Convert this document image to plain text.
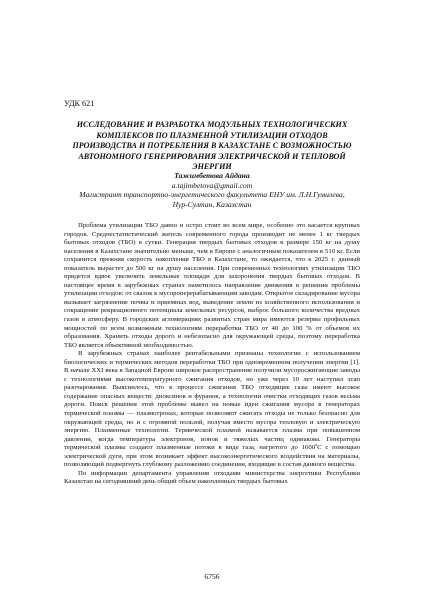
УДК 621
ИССЛЕДОВАНИЕ И РАЗРАБОТКА МОДУЛЬНЫХ ТЕХНОЛОГИЧЕСКИХ КОМПЛЕКСОВ ПО ПЛАЗМЕННОЙ УТИЛИЗАЦИИ ОТХОДОВ ПРОИЗВОДСТВА И ПОТРЕБЛЕНИЯ В КАЗАХСТАНЕ С ВОЗМОЖНОСТЬЮ АВТОНОМНОГО ГЕНЕРИРОВАНИЯ ЭЛЕКТРИЧЕСКОЙ И ТЕПЛОВОЙ ЭНЕРГИИ
Тажимбетова Айдана
a.tajimbetova@gmail.com
Магистрант транспортно-энергетического факультета ЕНУ им. Л.Н.Гумилева,
Нур-Султан, Казахстан

Проблема утилизации ТБО давно и остро стоит во всем мире, особенно это касается крупных городов. Среднестатистический житель современного города производит не менее 1 кг твердых бытовых отходов (ТБО) в сутки. Генерация твердых бытовых отходов в размере 150 кг на душу населения в Казахстане значительно меньше, чем в Европе с аналогичным показателем в 510 кг. Если сохранится прежняя скорость накопления ТБО в Казахстане, то ожидается, что к 2025 г. данный показатель вырастет до 500 кг на душу населения. При современных технологиях утилизации ТБО придется вдвое увеличить земельные площади для захоронения твердых бытовых отходов. В настоящее время в зарубежных странах наметилось направление движения в решении проблемы утилизации отходов: от свалок к мусороперерабатывающим заводам. Открытое складирование мусора вызывает загрязнение почвы и приемных вод, выведение земли из хозяйственного использования и сокращение рекреационного потенциала земельных ресурсов, выброс большого количества вредных газов в атмосферу. В городских агломерациях развитых стран мира имеются резервы профильных мощностей по всем возможным технологиям переработки ТБО от 40 до 100 % от объемов их образования. Хранить отходы дорого и небезопасно для окружающей среды, поэтому переработка ТБО является объективной необходимостью.

В зарубежных странах наиболее рентабельными признаны технологии с использованием биологических и термических методов переработки ТБО при одновременном получении энергии [1]. В начале XXI века в Западной Европе широкое распространение получили мусоросжигающие заводы с технологиями высокотемпературного сжигания отходов, но уже через 10 лет наступил этап разочарования. Выяснилось, что в процессе сжигания ТБО отходящие газы имеют высокое содержание опасных веществ: диоксинов и фуранов, а технологии очистки отходящих газов весьма дороги. Поиск решения этой проблемы вывел на новые идеи сжигания мусора в генераторах термической плазмы — плазмотронах, которые позволяют сжигать отходы не только безопасно для окружающей среды, но и с огромной пользой, получая вместо мусора тепловую и электрическую энергию. Плазменные технологии. Термической плазмой называется плазма при повышенном давлении, когда температура электронов, ионов и тяжелых частиц одинакова. Генераторы термической плазмы создают плазменные потоки в виде газа, нагретого до 1600ºС с помощью электрической дуги, при этом возникает эффект высокоэнергетического воздействия на материалы, позволяющий подвергнуть глубокому разложению соединения, входящие в состав данного вещества.

По информации департамента управления отходами министерства энергетики Республики Казахстан на сегодняшний день общий объем накопленных твердых бытовых

6756
